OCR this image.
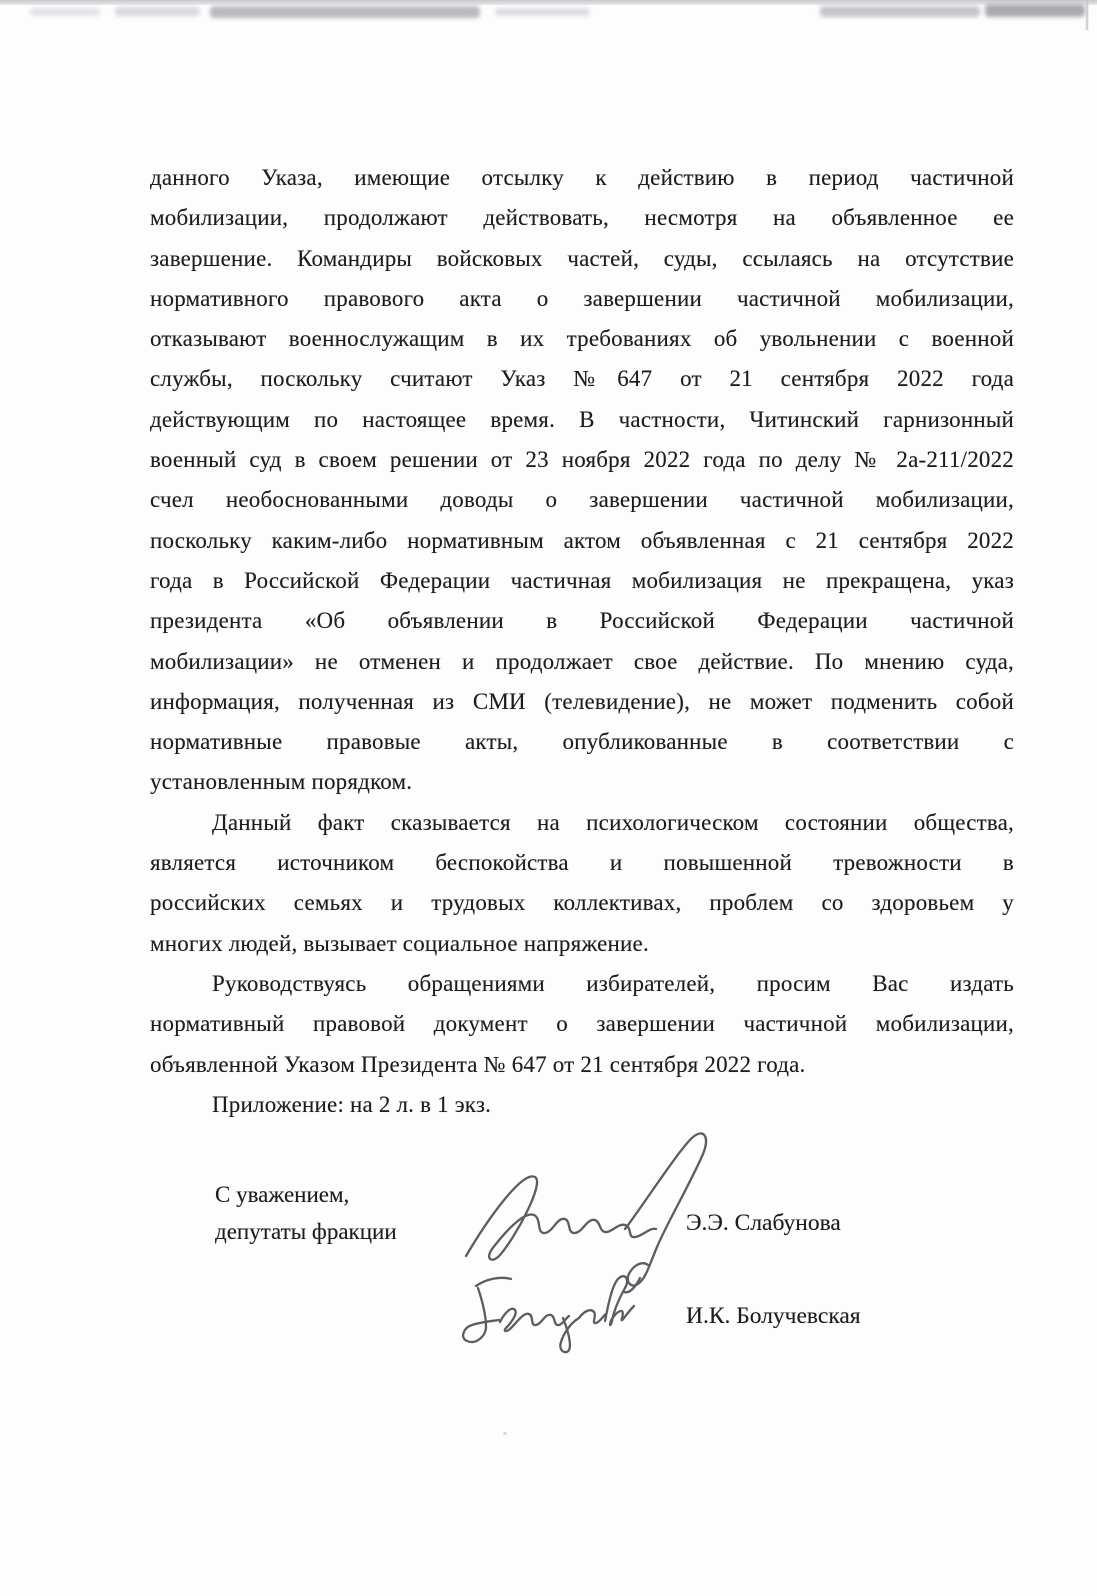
данного Указа, имеющие отсылку к действию в период частичной
мобилизации, продолжают действовать, несмотря на объявленное ее
завершение. Командиры войсковых частей, суды, ссылаясь на отсутствие
нормативного правового акта о завершении частичной мобилизации,
отказывают военнослужащим в их требованиях об увольнении с военной
службы, поскольку считают Указ №647 от 21 сентября 2022 года
действующим по настоящее время. В частности, Читинский гарнизонный
военный суд в своем решении от 23 ноября 2022 года по делу № 2а-211/2022
счел необоснованными доводы о завершении частичной мобилизации,
поскольку каким-либо нормативным актом объявленная с 21 сентября 2022
года в Российской Федерации частичная мобилизация не прекращена, указ
президента «Об объявлении в Российской Федерации частичной
мобилизации» не отменен и продолжает свое действие. По мнению суда,
информация, полученная из СМИ (телевидение), не может подменить собой
нормативные правовые акты, опубликованные в соответствии с
установленным порядком.
Данный факт сказывается на психологическом состоянии общества,
является источником беспокойства и повышенной тревожности в
российских семьях и трудовых коллективах, проблем со здоровьем у
многих людей, вызывает социальное напряжение.
Руководствуясь обращениями избирателей, просим Вас издать
нормативный правовой документ о завершении частичной мобилизации,
объявленной Указом Президента № 647 от 21 сентября 2022 года.
Приложение: на 2 л. в 1 экз.
С уважением,
депутаты фракции	Э.Э. Слабунова
И.К. Болучевская
